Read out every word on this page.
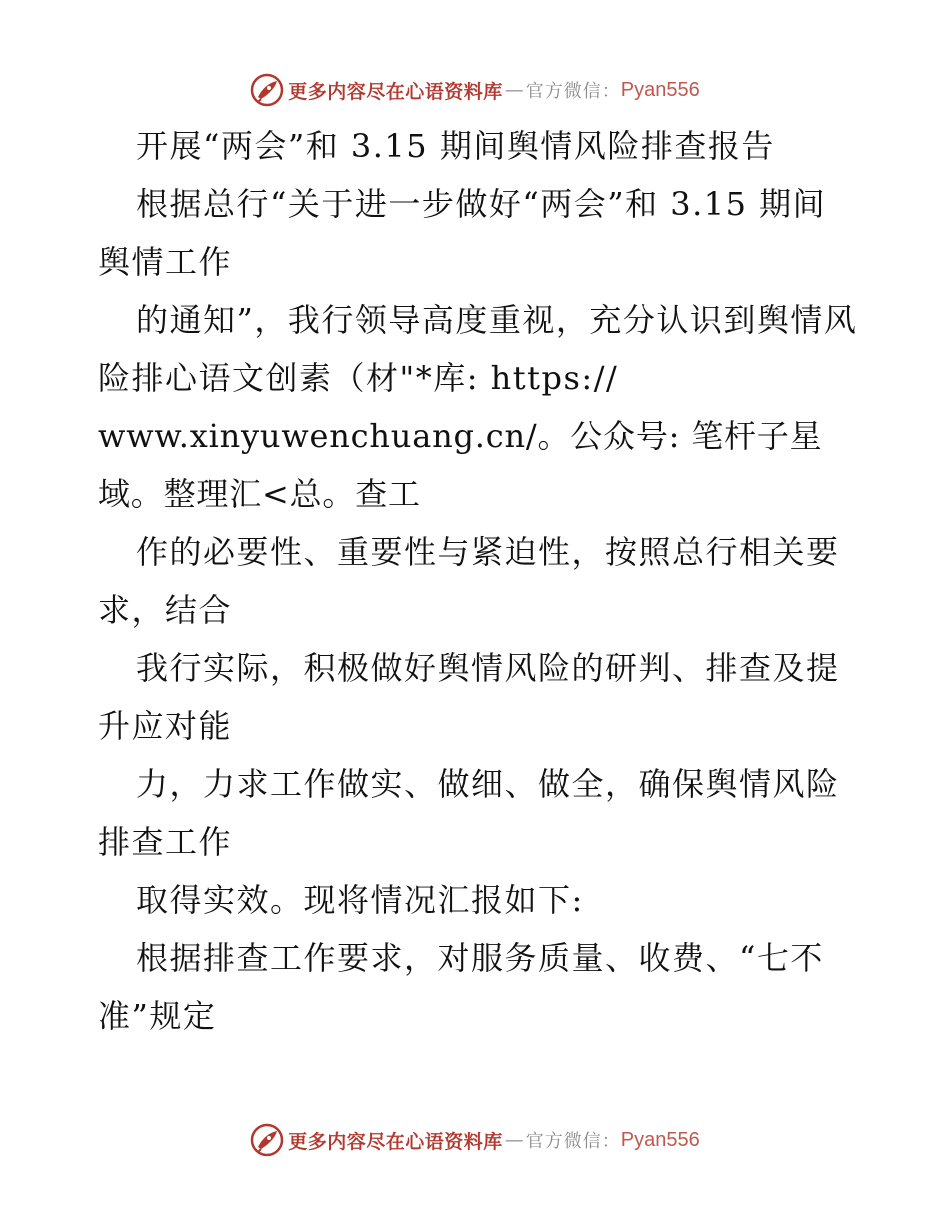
更多内容尽在心语资料库 — 官方微信： Pyan556

开展“两会”和 3.15 期间舆情风险排查报告

根据总行“关于进一步做好“两会”和 3.15 期间舆情工作

的通知”，我行领导高度重视，充分认识到舆情风险排心语文创素（材"*库: https://

www.xinyuwenchuang.cn/。公众号: 笔杆子星域。整理汇<总。查工

作的必要性、重要性与紧迫性，按照总行相关要求，结合

我行实际，积极做好舆情风险的研判、排查及提升应对能

力，力求工作做实、做细、做全，确保舆情风险排查工作

取得实效。现将情况汇报如下:

根据排查工作要求，对服务质量、收费、“七不准”规定

更多内容尽在心语资料库 — 官方微信： Pyan556
